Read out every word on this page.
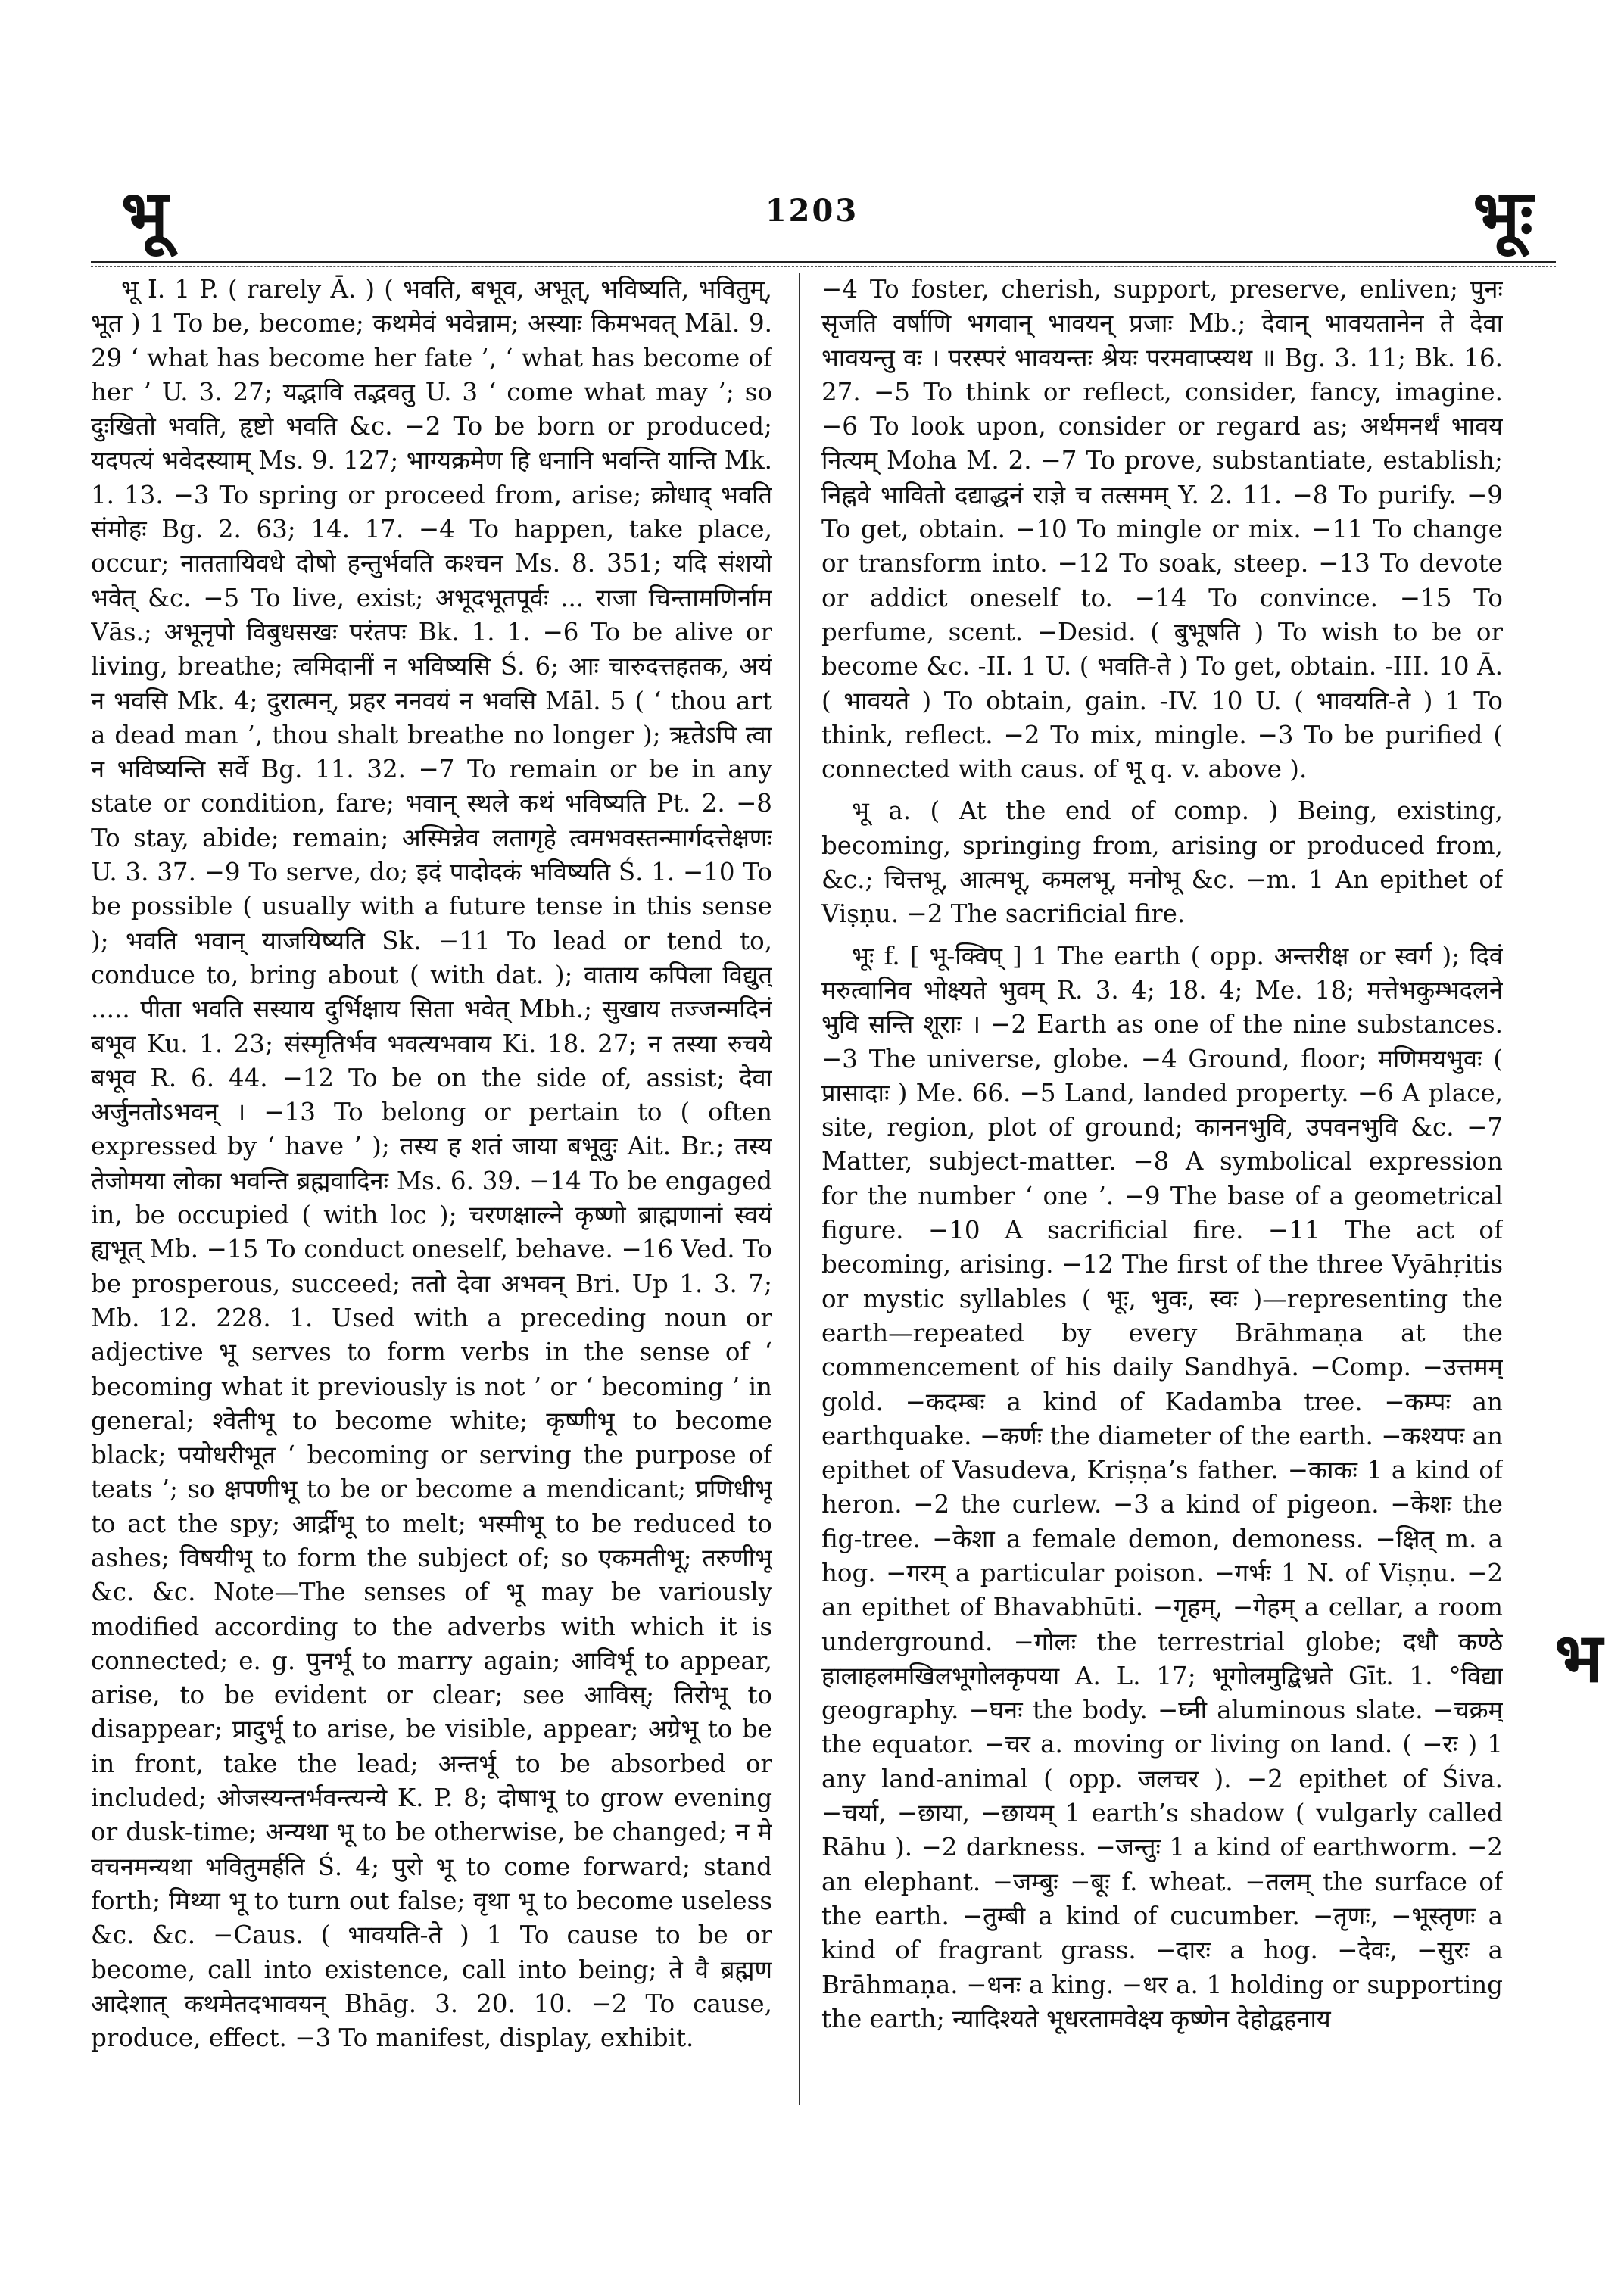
भू	1203	भूः

भू I. 1 P. ( rarely Ā. ) ( भवति, बभूव, अभूत्, भविष्यति, भवितुम्, भूत ) 1 To be, become; कथमेवं भवेन्नाम; अस्याः किमभवत् Māl. 9. 29 ‘ what has become her fate ’, ‘ what has become of her ’ U. 3. 27; यद्भावि तद्भवतु U. 3 ‘ come what may ’; so दुःखितो भवति, हृष्टो भवति &c. −2 To be born or produced; यदपत्यं भवेदस्याम् Ms. 9. 127; भाग्यक्रमेण हि धनानि भवन्ति यान्ति Mk. 1. 13. −3 To spring or proceed from, arise; क्रोधाद् भवति संमोहः Bg. 2. 63; 14. 17. −4 To happen, take place, occur; नाततायिवधे दोषो हन्तुर्भवति कश्चन Ms. 8. 351; यदि संशयो भवेत् &c. −5 To live, exist; अभूदभूतपूर्वः ... राजा चिन्तामणिर्नाम Vās.; अभूनृपो विबुधसखः परंतपः Bk. 1. 1. −6 To be alive or living, breathe; त्वमिदानीं न भविष्यसि Ś. 6; आः चारुदत्तहतक, अयं न भवसि Mk. 4; दुरात्मन्, प्रहर ननवयं न भवसि Māl. 5 ( ‘ thou art a dead man ’, thou shalt breathe no longer ); ऋतेऽपि त्वा न भविष्यन्ति सर्वे Bg. 11. 32. −7 To remain or be in any state or condition, fare; भवान् स्थले कथं भविष्यति Pt. 2. −8 To stay, abide; remain; अस्मिन्नेव लतागृहे त्वमभवस्तन्मार्गदत्तेक्षणः U. 3. 37. −9 To serve, do; इदं पादोदकं भविष्यति Ś. 1. −10 To be possible ( usually with a future tense in this sense ); भवति भवान् याजयिष्यति Sk. −11 To lead or tend to, conduce to, bring about ( with dat. ); वाताय कपिला विद्युत् ..... पीता भवति सस्याय दुर्भिक्षाय सिता भवेत् Mbh.; सुखाय तज्जन्मदिनं बभूव Ku. 1. 23; संस्मृतिर्भव भवत्यभवाय Ki. 18. 27; न तस्या रुचये बभूव R. 6. 44. −12 To be on the side of, assist; देवा अर्जुनतोऽभवन् । −13 To belong or pertain to ( often expressed by ‘ have ’ ); तस्य ह शतं जाया बभूवुः Ait. Br.; तस्य तेजोमया लोका भवन्ति ब्रह्मवादिनः Ms. 6. 39. −14 To be engaged in, be occupied ( with loc ); चरणक्षाल्ने कृष्णो ब्राह्मणानां स्वयं ह्यभूत् Mb. −15 To conduct oneself, behave. −16 Ved. To be prosperous, succeed; ततो देवा अभवन् Bri. Up 1. 3. 7; Mb. 12. 228. 1. Used with a preceding noun or adjective भू serves to form verbs in the sense of ‘ becoming what it previously is not ’ or ‘ becoming ’ in general; श्वेतीभू to become white; कृष्णीभू to become black; पयोधरीभूत ‘ becoming or serving the purpose of teats ’; so क्षपणीभू to be or become a mendicant; प्रणिधीभू to act the spy; आर्द्रीभू to melt; भस्मीभू to be reduced to ashes; विषयीभू to form the subject of; so एकमतीभू; तरुणीभू &c. &c. Note—The senses of भू may be variously modified according to the adverbs with which it is connected; e. g. पुनर्भू to marry again; आविर्भू to appear, arise, to be evident or clear; see आविस्; तिरोभू to disappear; प्रादुर्भू to arise, be visible, appear; अग्रेभू to be in front, take the lead; अन्तर्भू to be absorbed or included; ओजस्यन्तर्भवन्त्यन्ये K. P. 8; दोषाभू to grow evening or dusk-time; अन्यथा भू to be otherwise, be changed; न मे वचनमन्यथा भवितुमर्हति Ś. 4; पुरो भू to come forward; stand forth; मिथ्या भू to turn out false; वृथा भू to become useless &c. &c. −Caus. ( भावयति-ते ) 1 To cause to be or become, call into existence, call into being; ते वै ब्रह्मण आदेशात् कथमेतदभावयन् Bhāg. 3. 20. 10. −2 To cause, produce, effect. −3 To manifest, display, exhibit.

−4 To foster, cherish, support, preserve, enliven; पुनः सृजति वर्षाणि भगवान् भावयन् प्रजाः Mb.; देवान् भावयतानेन ते देवा भावयन्तु वः । परस्परं भावयन्तः श्रेयः परमवाप्स्यथ ॥ Bg. 3. 11; Bk. 16. 27. −5 To think or reflect, consider, fancy, imagine. −6 To look upon, consider or regard as; अर्थमनर्थं भावय नित्यम् Moha M. 2. −7 To prove, substantiate, establish; निह्नवे भावितो दद्याद्धनं राज्ञे च तत्समम् Y. 2. 11. −8 To purify. −9 To get, obtain. −10 To mingle or mix. −11 To change or transform into. −12 To soak, steep. −13 To devote or addict oneself to. −14 To convince. −15 To perfume, scent. −Desid. ( बुभूषति ) To wish to be or become &c. -II. 1 U. ( भवति-ते ) To get, obtain. -III. 10 Ā. ( भावयते ) To obtain, gain. -IV. 10 U. ( भावयति-ते ) 1 To think, reflect. −2 To mix, mingle. −3 To be purified ( connected with caus. of भू q. v. above ).

भू a. ( At the end of comp. ) Being, existing, becoming, springing from, arising or produced from, &c.; चित्तभू, आत्मभू, कमलभू, मनोभू &c. −m. 1 An epithet of Viṣṇu. −2 The sacrificial fire.

भूः f. [ भू-क्विप् ] 1 The earth ( opp. अन्तरीक्ष or स्वर्ग ); दिवं मरुत्वानिव भोक्ष्यते भुवम् R. 3. 4; 18. 4; Me. 18; मत्तेभकुम्भदलने भुवि सन्ति शूराः । −2 Earth as one of the nine substances. −3 The universe, globe. −4 Ground, floor; मणिमयभुवः ( प्रासादाः ) Me. 66. −5 Land, landed property. −6 A place, site, region, plot of ground; काननभुवि, उपवनभुवि &c. −7 Matter, subject-matter. −8 A symbolical expression for the number ‘ one ’. −9 The base of a geometrical figure. −10 A sacrificial fire. −11 The act of becoming, arising. −12 The first of the three Vyāhṛitis or mystic syllables ( भूः, भुवः, स्वः )—representing the earth—repeated by every Brāhmaṇa at the commencement of his daily Sandhyā. −Comp. −उत्तमम् gold. −कदम्बः a kind of Kadamba tree. −कम्पः an earthquake. −कर्णः the diameter of the earth. −कश्यपः an epithet of Vasudeva, Kriṣṇa’s father. −काकः 1 a kind of heron. −2 the curlew. −3 a kind of pigeon. −केशः the fig-tree. −केशा a female demon, demoness. −क्षित् m. a hog. −गरम् a particular poison. −गर्भः 1 N. of Viṣṇu. −2 an epithet of Bhavabhūti. −गृहम्, −गेहम् a cellar, a room underground. −गोलः the terrestrial globe; दधौ कण्ठे हालाहलमखिलभूगोलकृपया A. L. 17; भूगोलमुद्बिभ्रते Gīt. 1. °विद्या geography. −घनः the body. −घ्नी aluminous slate. −चक्रम् the equator. −चर a. moving or living on land. ( −रः ) 1 any land-animal ( opp. जलचर ). −2 epithet of Śiva. −चर्या, −छाया, −छायम् 1 earth’s shadow ( vulgarly called Rāhu ). −2 darkness. −जन्तुः 1 a kind of earthworm. −2 an elephant. −जम्बुः −बूः f. wheat. −तलम् the surface of the earth. −तुम्बी a kind of cucumber. −तृणः, −भूस्तृणः a kind of fragrant grass. −दारः a hog. −देवः, −सुरः a Brāhmaṇa. −धनः a king. −धर a. 1 holding or supporting the earth; न्यादिश्यते भूधरतामवेक्ष्य कृष्णेन देहोद्वहनाय

भ
